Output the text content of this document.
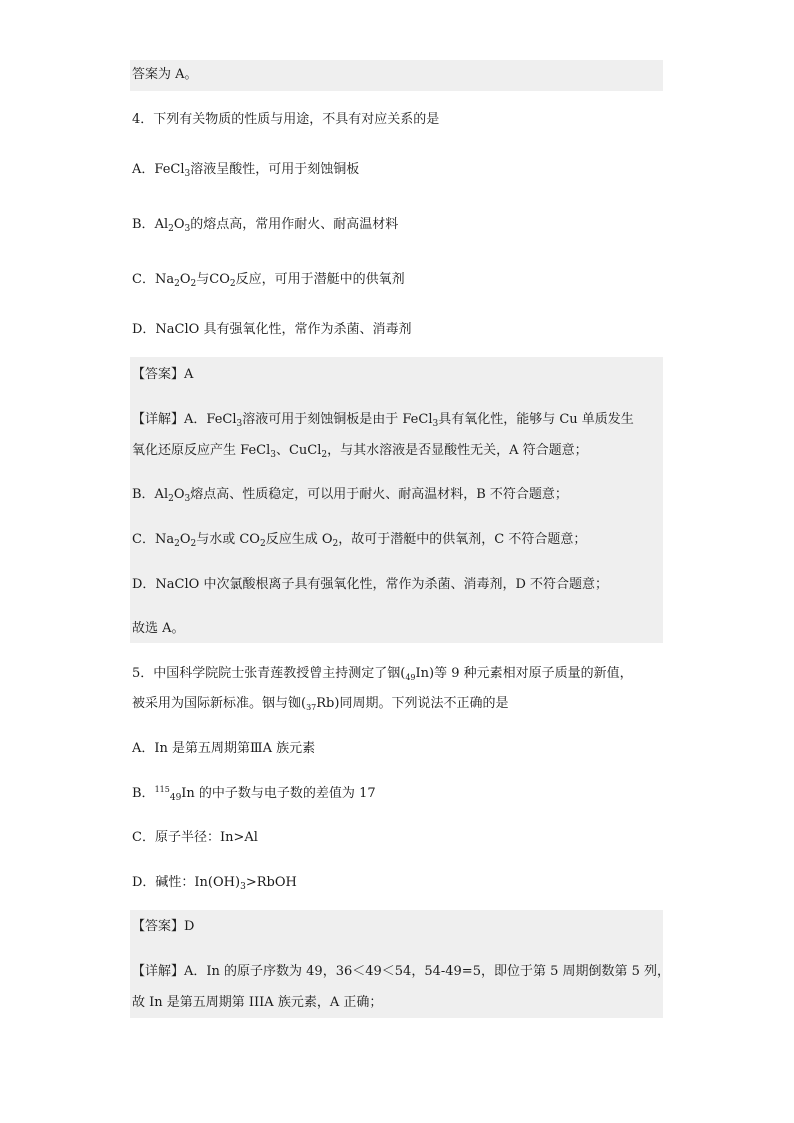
答案为 A。
4．下列有关物质的性质与用途，不具有对应关系的是
A．FeCl$_3$溶液呈酸性，可用于刻蚀铜板
B．$Al_2O_3$的熔点高，常用作耐火、耐高温材料
C．$Na_2O_2$与$CO_2$反应，可用于潜艇中的供氧剂
D．NaClO 具有强氧化性，常作为杀菌、消毒剂
【答案】A
【详解】A．FeCl$_3$溶液可用于刻蚀铜板是由于 FeCl$_3$具有氧化性，能够与 Cu 单质发生
氧化还原反应产生 FeCl$_3$、CuCl$_2$，与其水溶液是否显酸性无关，A 符合题意；
B．$Al_2O_3$熔点高、性质稳定，可以用于耐火、耐高温材料，B 不符合题意；
C．$Na_2O_2$与水或 $CO_2$反应生成 $O_2$，故可于潜艇中的供氧剂，C 不符合题意；
D．NaClO 中次氯酸根离子具有强氧化性，常作为杀菌、消毒剂，D 不符合题意；
故选 A。
5．中国科学院院士张青莲教授曾主持测定了铟$(_{49}In)$等 9 种元素相对原子质量的新值，
被采用为国际新标准。铟与铷$(_{37}Rb)$同周期。下列说法不正确的是
A．In 是第五周期第ⅢA 族元素
B．$^{115}_{49}$In 的中子数与电子数的差值为 17
C．原子半径：In>Al
D．碱性：$In(OH)_3>RbOH$
【答案】D
【详解】A．In 的原子序数为 49，36＜49＜54，54-49=5，即位于第 5 周期倒数第 5 列，
故 In 是第五周期第 IIIA 族元素，A 正确；
